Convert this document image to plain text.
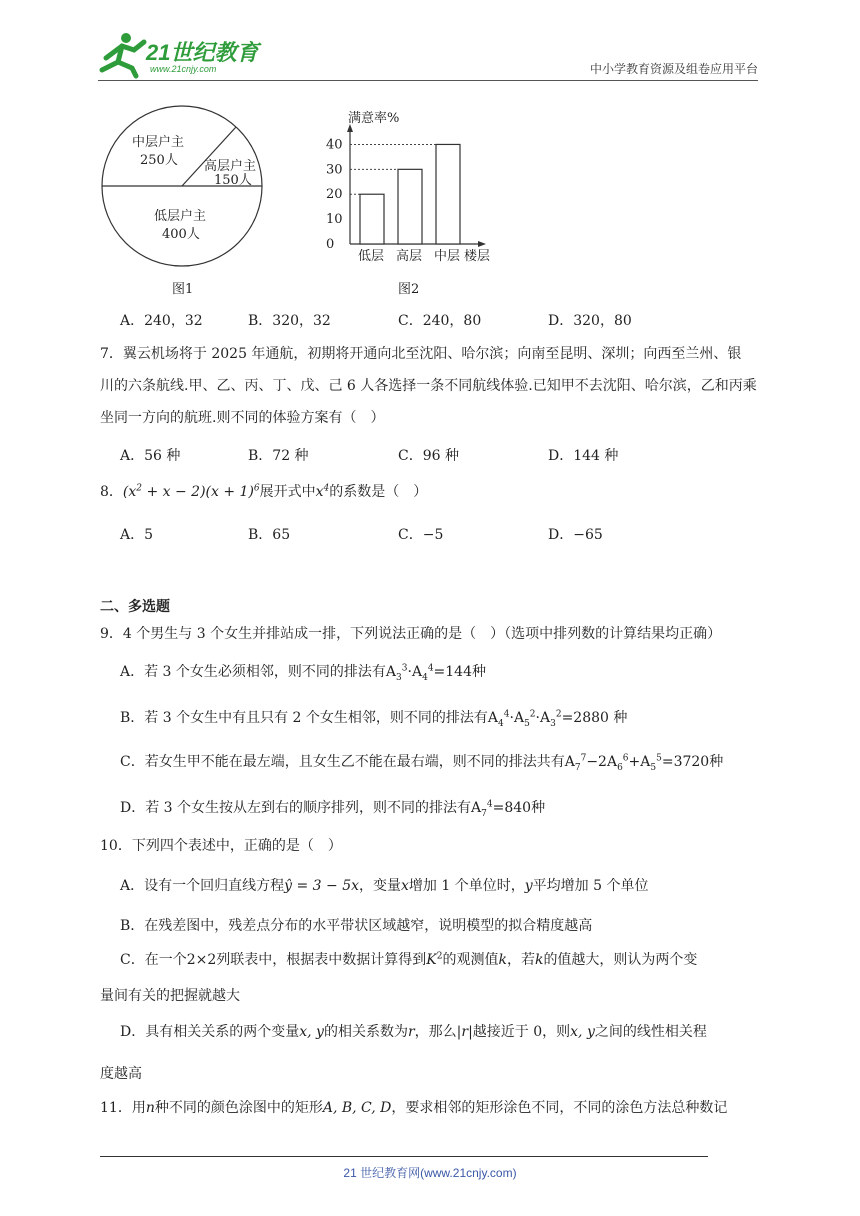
21世纪教育
www.21cnjy.com	中小学教育资源及组卷应用平台
中层户主
250人 高层户主
150人
低层户主
400人
图1
满意率%
楼层
0
10
20
30
40
低层 高层 中层
图2
A．240，32	B．320，32	C．240，80	D．320，80
7．翼云机场将于 2025 年通航，初期将开通向北至沈阳、哈尔滨；向南至昆明、深圳；向西至兰州、银
川的六条航线.甲、乙、丙、丁、戊、己 6 人各选择一条不同航线体验.已知甲不去沈阳、哈尔滨，乙和丙乘
坐同一方向的航班.则不同的体验方案有（　）
A．56 种	B．72 种	C．96 种	D．144 种
8．$(x^2 + x - 2)(x + 1)^6$展开式中$x^4$的系数是（　）
A．5	B．65	C．−5	D．−65
二、多选题
9．4 个男生与 3 个女生并排站成一排，下列说法正确的是（　）（选项中排列数的计算结果均正确）
A．若 3 个女生必须相邻，则不同的排法有$A_3^3\cdot A_4^4=144$种
B．若 3 个女生中有且只有 2 个女生相邻，则不同的排法有$A_4^4\cdot A_5^2\cdot A_3^2=2880$ 种
C．若女生甲不能在最左端，且女生乙不能在最右端，则不同的排法共有$A_7^7-2A_6^6+A_5^5=3720$种
D．若 3 个女生按从左到右的顺序排列，则不同的排法有$A_7^4=840$种
10．下列四个表述中，正确的是（　）
A．设有一个回归直线方程ŷ = 3 − 5x，变量x增加 1 个单位时，y平均增加 5 个单位
B．在残差图中，残差点分布的水平带状区域越窄，说明模型的拟合精度越高
C．在一个2×2列联表中，根据表中数据计算得到$K^2$的观测值k，若k的值越大，则认为两个变
量间有关的把握就越大
D．具有相关关系的两个变量x, y的相关系数为r，那么|r|越接近于 0，则x, y之间的线性相关程
度越高
11．用n种不同的颜色涂图中的矩形A, B, C, D，要求相邻的矩形涂色不同，不同的涂色方法总种数记
21 世纪教育网(www.21cnjy.com)
